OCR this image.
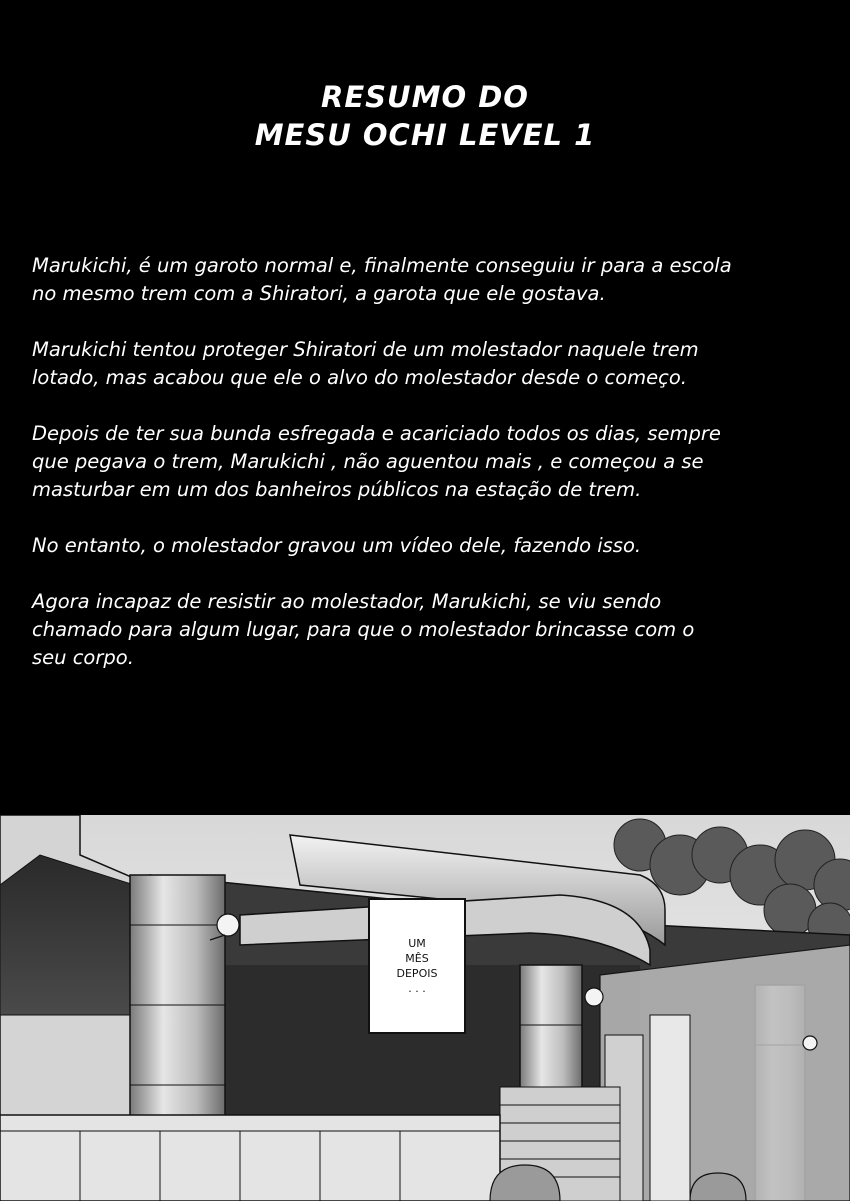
RESUMO DO
MESU OCHI LEVEL 1

Marukichi, é um garoto normal e, finalmente conseguiu ir para a escola
no mesmo trem com a Shiratori, a garota que ele gostava.

Marukichi tentou proteger Shiratori de um molestador naquele trem
lotado, mas acabou que ele o alvo do molestador desde o começo.

Depois de ter sua bunda esfregada e acariciado todos os dias, sempre
que pegava o trem, Marukichi , não aguentou mais , e começou a se
masturbar em um dos banheiros públicos na estação de trem.

No entanto, o molestador gravou um vídeo dele, fazendo isso.

Agora incapaz de resistir ao molestador, Marukichi, se viu sendo
chamado para algum lugar, para que o molestador brincasse com o
seu corpo.

UM
MÊS
DEPOIS
. . .
